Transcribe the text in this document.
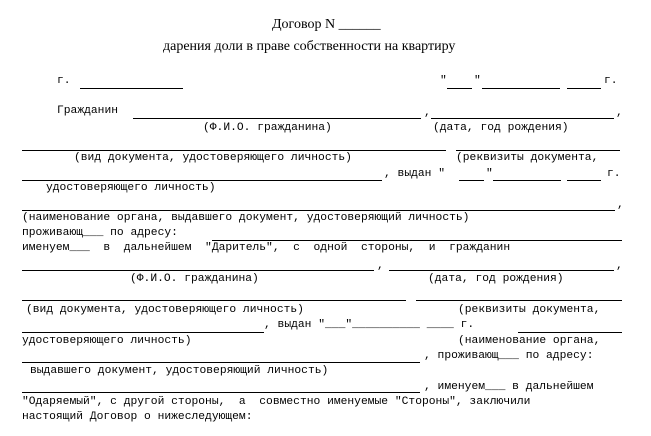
Договор N ______
дарения доли в праве собственности на квартиру
г.	" "	г.
Гражданин	,	,
(Ф.И.О. гражданина)	(дата, год рождения)
(вид документа, удостоверяющего личность)	(реквизиты документа,
, выдан "	"	г.
удостоверяющего личность)
,
(наименование органа, выдавшего документ, удостоверяющий личность)
проживающ___ по адресу:
именуем___  в  дальнейшем  "Даритель",  с  одной  стороны,  и  гражданин
,	,
(Ф.И.О. гражданина)	(дата, год рождения)
(вид документа, удостоверяющего личность)	(реквизиты документа,
, выдан "___"__________ ____ г.
удостоверяющего личность)	(наименование органа,
, проживающ___ по адресу:
выдавшего документ, удостоверяющий личность)
, именуем___ в дальнейшем
"Одаряемый", с другой стороны,  а  совместно именуемые "Стороны", заключили
настоящий Договор о нижеследующем:
